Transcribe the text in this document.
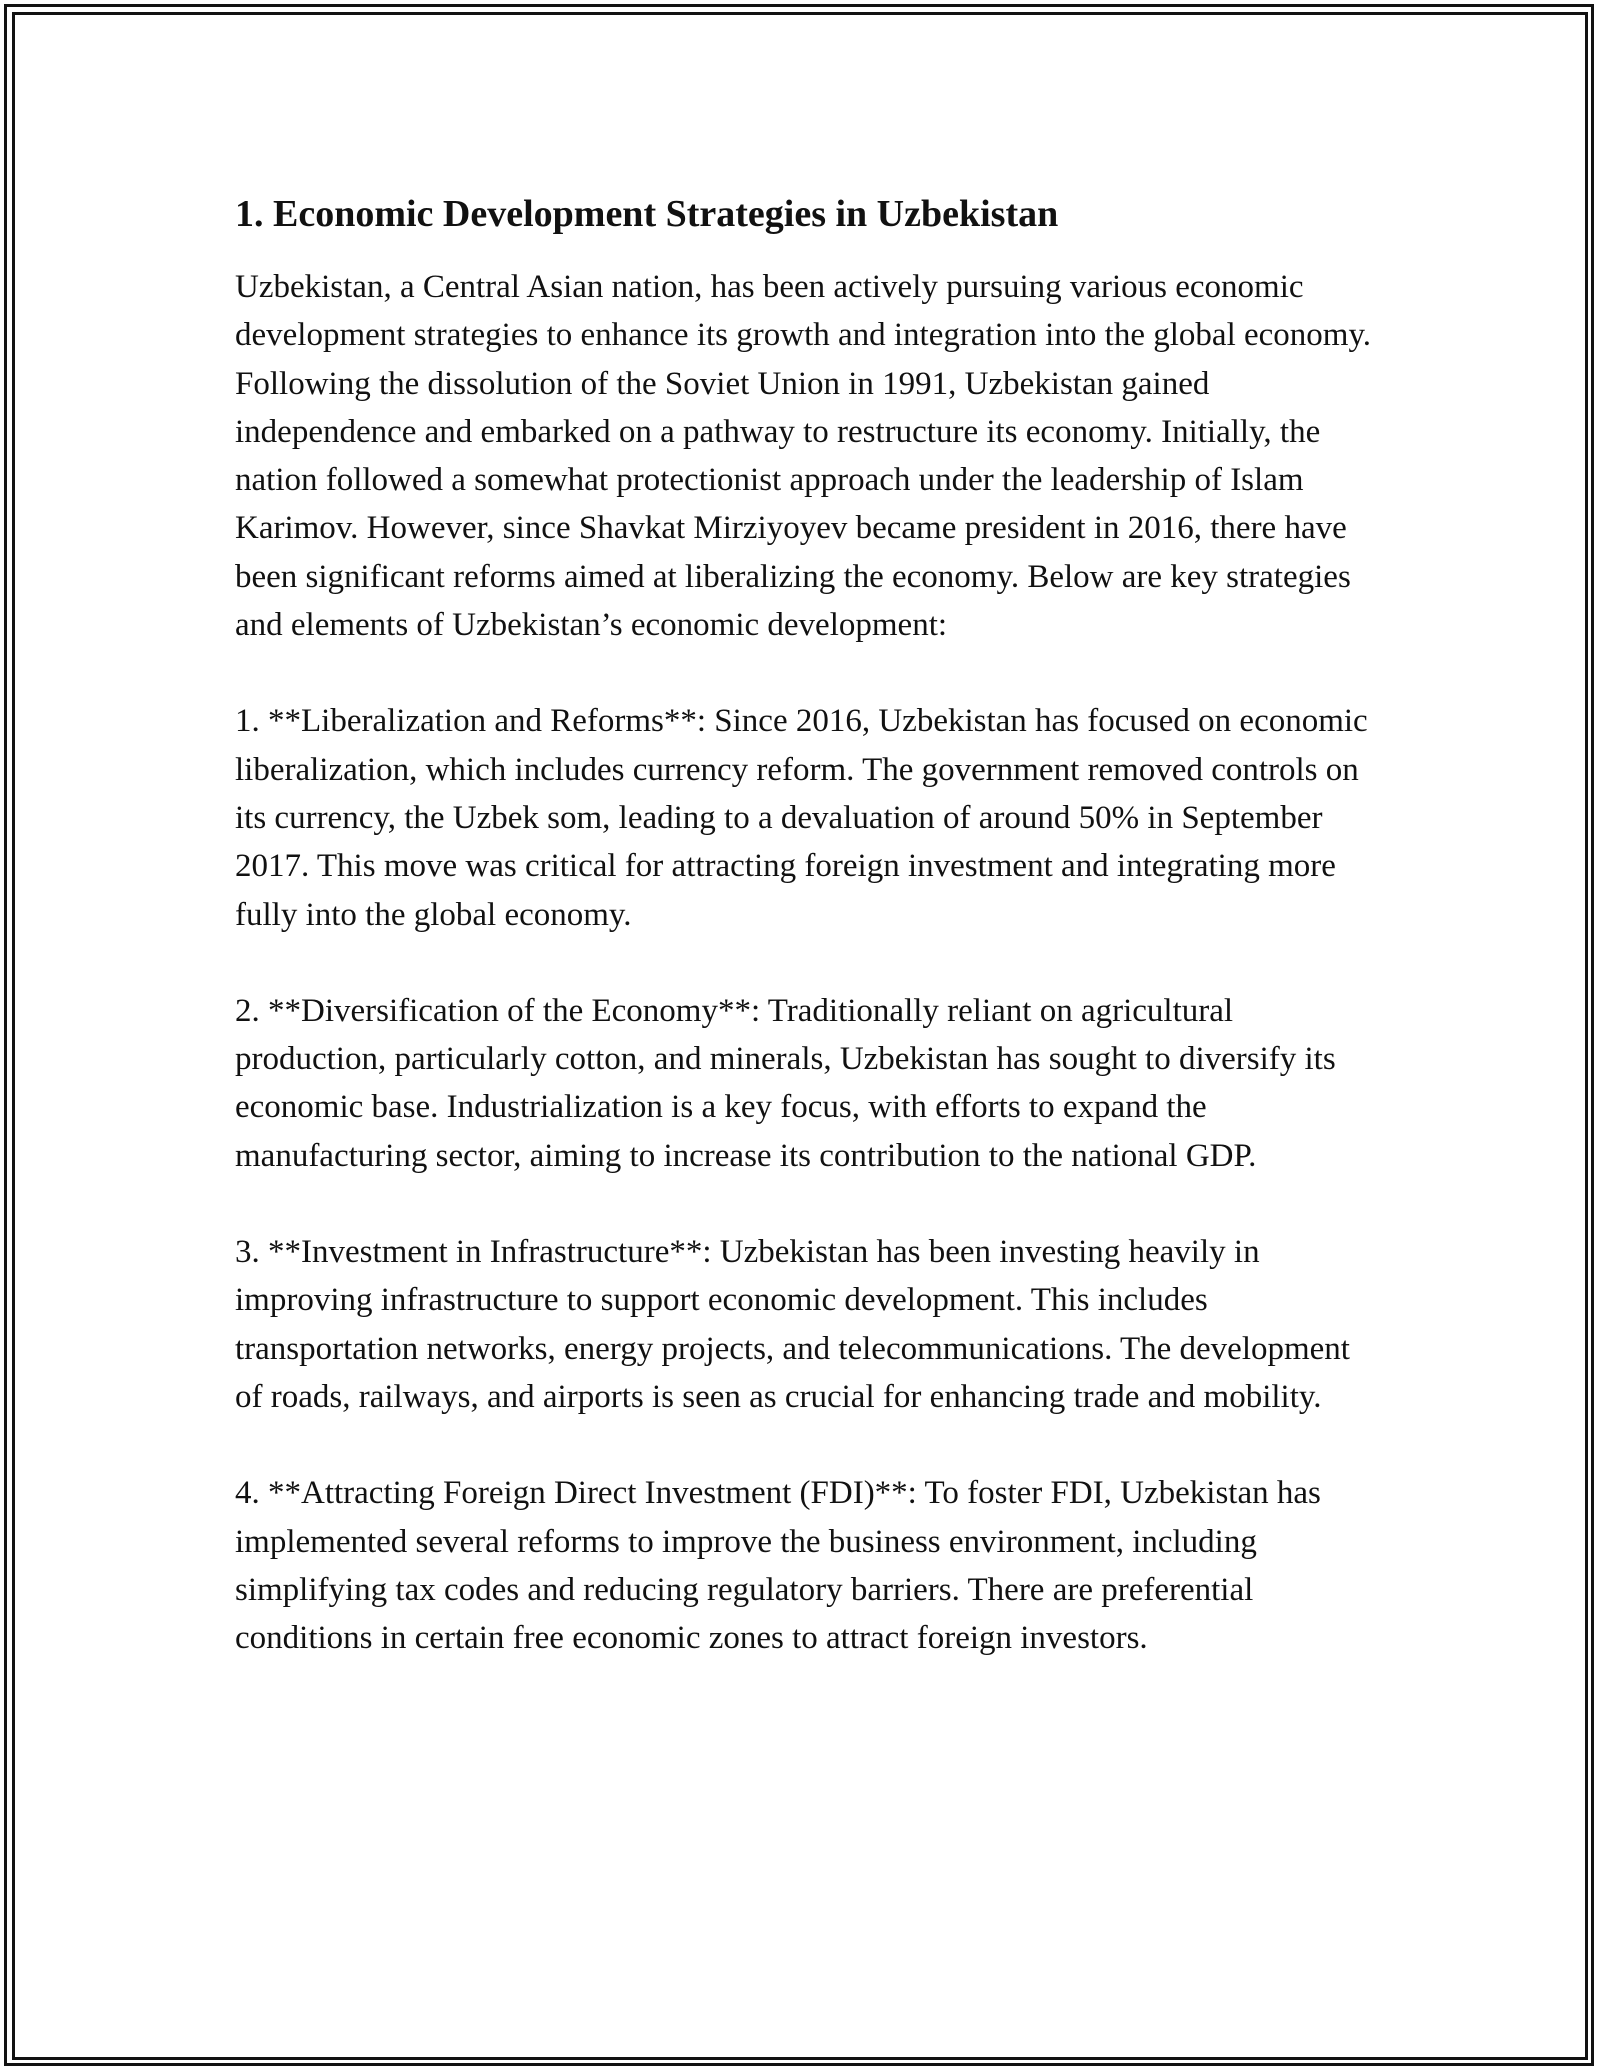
1. Economic Development Strategies in Uzbekistan

Uzbekistan, a Central Asian nation, has been actively pursuing various economic development strategies to enhance its growth and integration into the global economy. Following the dissolution of the Soviet Union in 1991, Uzbekistan gained independence and embarked on a pathway to restructure its economy. Initially, the nation followed a somewhat protectionist approach under the leadership of Islam Karimov. However, since Shavkat Mirziyoyev became president in 2016, there have been significant reforms aimed at liberalizing the economy. Below are key strategies and elements of Uzbekistan’s economic development:

1. **Liberalization and Reforms**: Since 2016, Uzbekistan has focused on economic liberalization, which includes currency reform. The government removed controls on its currency, the Uzbek som, leading to a devaluation of around 50% in September 2017. This move was critical for attracting foreign investment and integrating more fully into the global economy.

2. **Diversification of the Economy**: Traditionally reliant on agricultural production, particularly cotton, and minerals, Uzbekistan has sought to diversify its economic base. Industrialization is a key focus, with efforts to expand the manufacturing sector, aiming to increase its contribution to the national GDP.

3. **Investment in Infrastructure**: Uzbekistan has been investing heavily in improving infrastructure to support economic development. This includes transportation networks, energy projects, and telecommunications. The development of roads, railways, and airports is seen as crucial for enhancing trade and mobility.

4. **Attracting Foreign Direct Investment (FDI)**: To foster FDI, Uzbekistan has implemented several reforms to improve the business environment, including simplifying tax codes and reducing regulatory barriers. There are preferential conditions in certain free economic zones to attract foreign investors.
